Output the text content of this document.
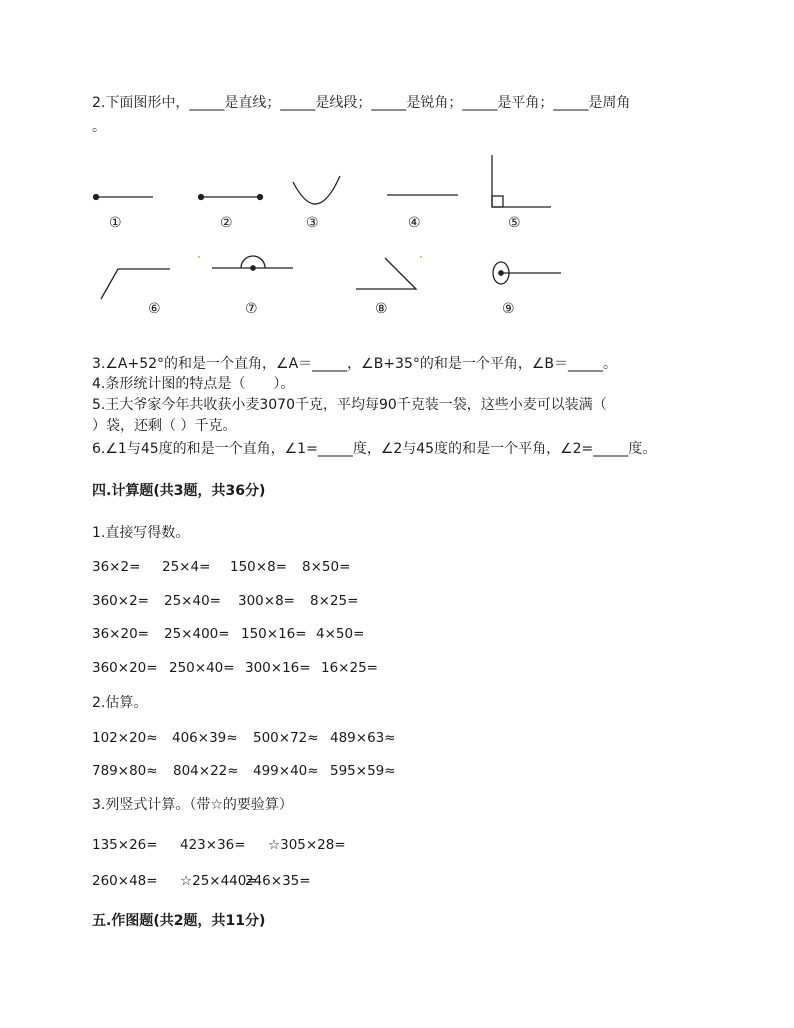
2.下面图形中，_____是直线；_____是线段；_____是锐角；_____是平角；_____是周角
。
①	②	③	④	⑤
⑥	⑦	⑧	⑨
3.∠A+52°的和是一个直角，∠A＝_____，∠B+35°的和是一个平角，∠B＝_____。
4.条形统计图的特点是（　　）。
5.王大爷家今年共收获小麦3070千克，平均每90千克装一袋，这些小麦可以装满（
）袋，还剩（ ）千克。
6.∠1与45度的和是一个直角，∠1=_____度，∠2与45度的和是一个平角，∠2=_____度。
四.计算题(共3题，共36分)
1.直接写得数。
36×2= 25×4= 150×8= 8×50=
360×2= 25×40= 300×8= 8×25=
36×20= 25×400= 150×16= 4×50=
360×20= 250×40= 300×16= 16×25=
2.估算。
102×20≈ 406×39≈ 500×72≈ 489×63≈
789×80≈ 804×22≈ 499×40≈ 595×59≈
3.列竖式计算。（带☆的要验算）
135×26= 423×36= ☆305×28=
260×48= ☆25×440=246×35=
五.作图题(共2题，共11分)
